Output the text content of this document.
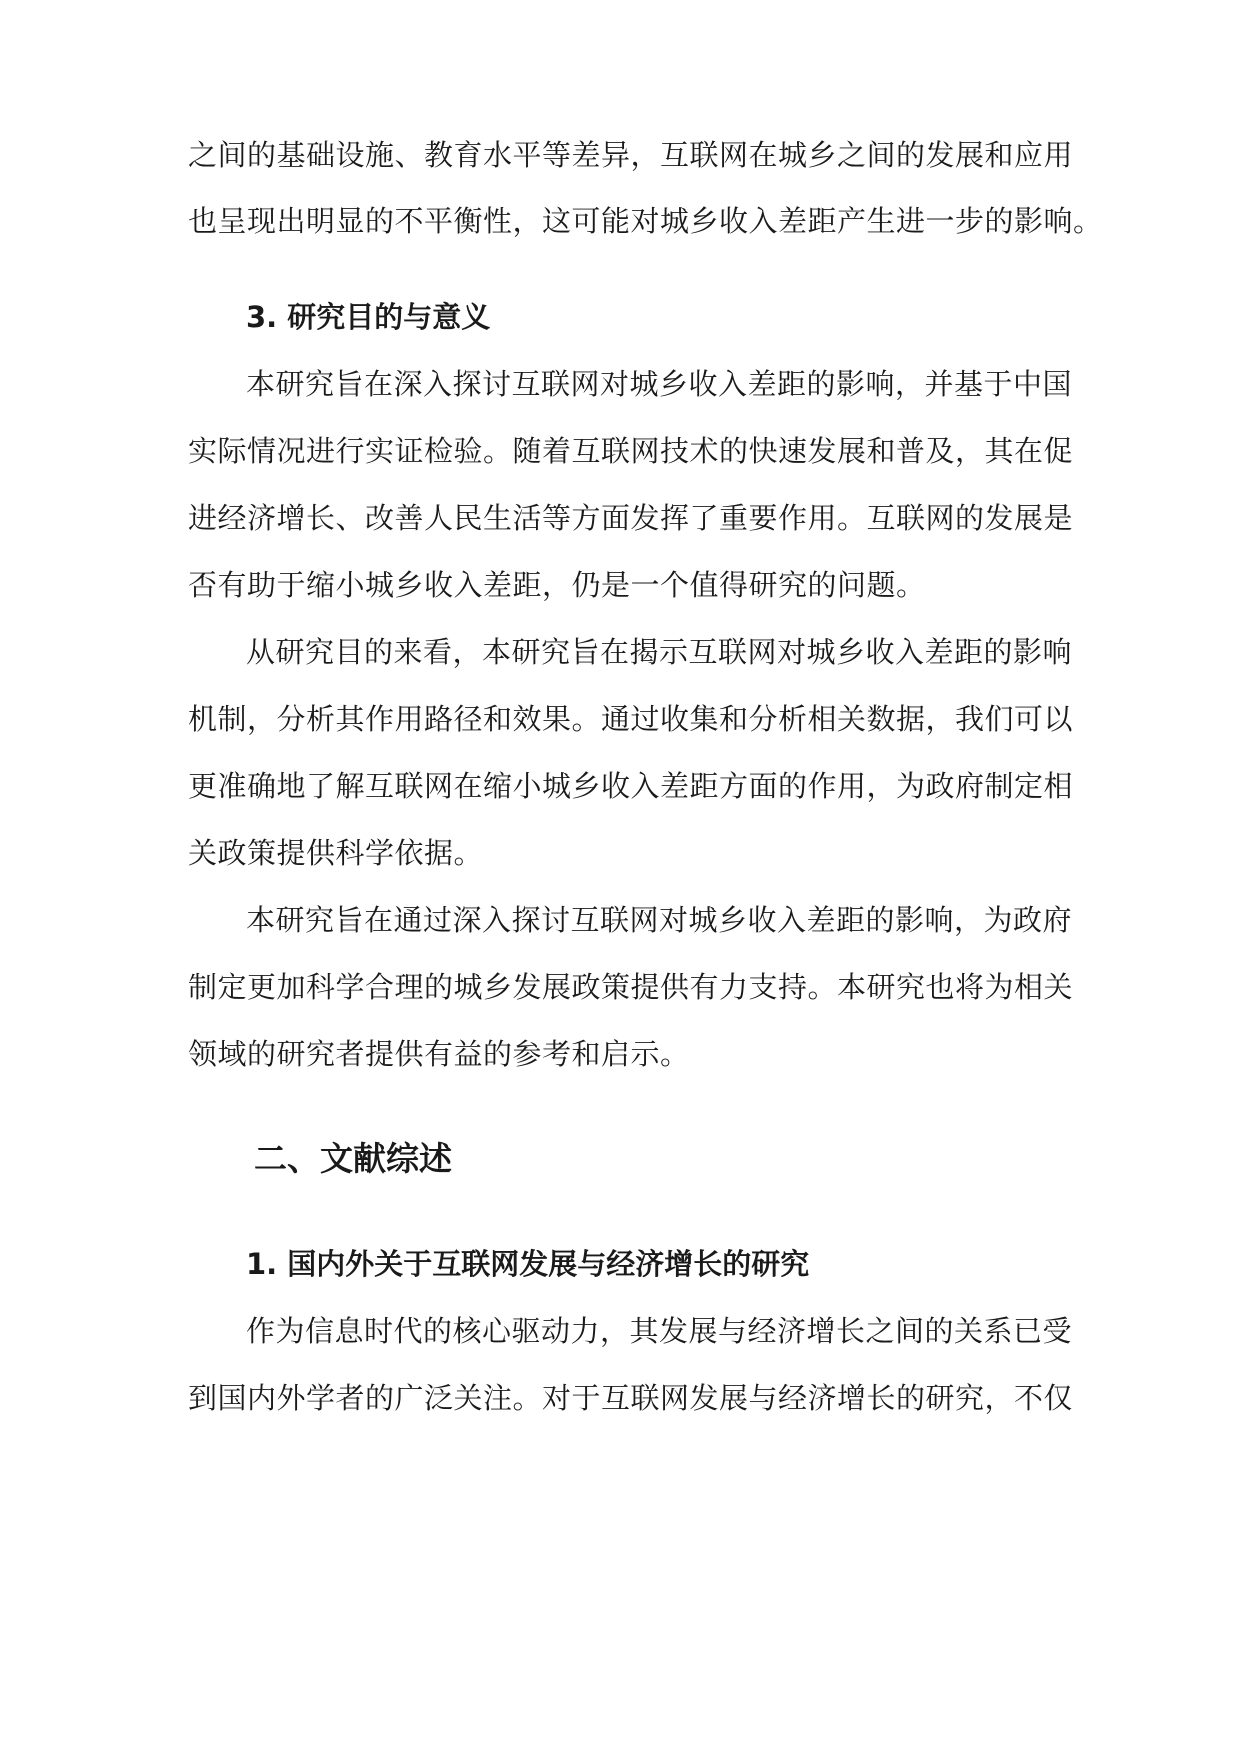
之间的基础设施、教育水平等差异，互联网在城乡之间的发展和应用
也呈现出明显的不平衡性，这可能对城乡收入差距产生进一步的影响。
3. 研究目的与意义
本研究旨在深入探讨互联网对城乡收入差距的影响，并基于中国
实际情况进行实证检验。随着互联网技术的快速发展和普及，其在促
进经济增长、改善人民生活等方面发挥了重要作用。互联网的发展是
否有助于缩小城乡收入差距，仍是一个值得研究的问题。
从研究目的来看，本研究旨在揭示互联网对城乡收入差距的影响
机制，分析其作用路径和效果。通过收集和分析相关数据，我们可以
更准确地了解互联网在缩小城乡收入差距方面的作用，为政府制定相
关政策提供科学依据。
本研究旨在通过深入探讨互联网对城乡收入差距的影响，为政府
制定更加科学合理的城乡发展政策提供有力支持。本研究也将为相关
领域的研究者提供有益的参考和启示。
二、文献综述
1. 国内外关于互联网发展与经济增长的研究
作为信息时代的核心驱动力，其发展与经济增长之间的关系已受
到国内外学者的广泛关注。对于互联网发展与经济增长的研究，不仅
